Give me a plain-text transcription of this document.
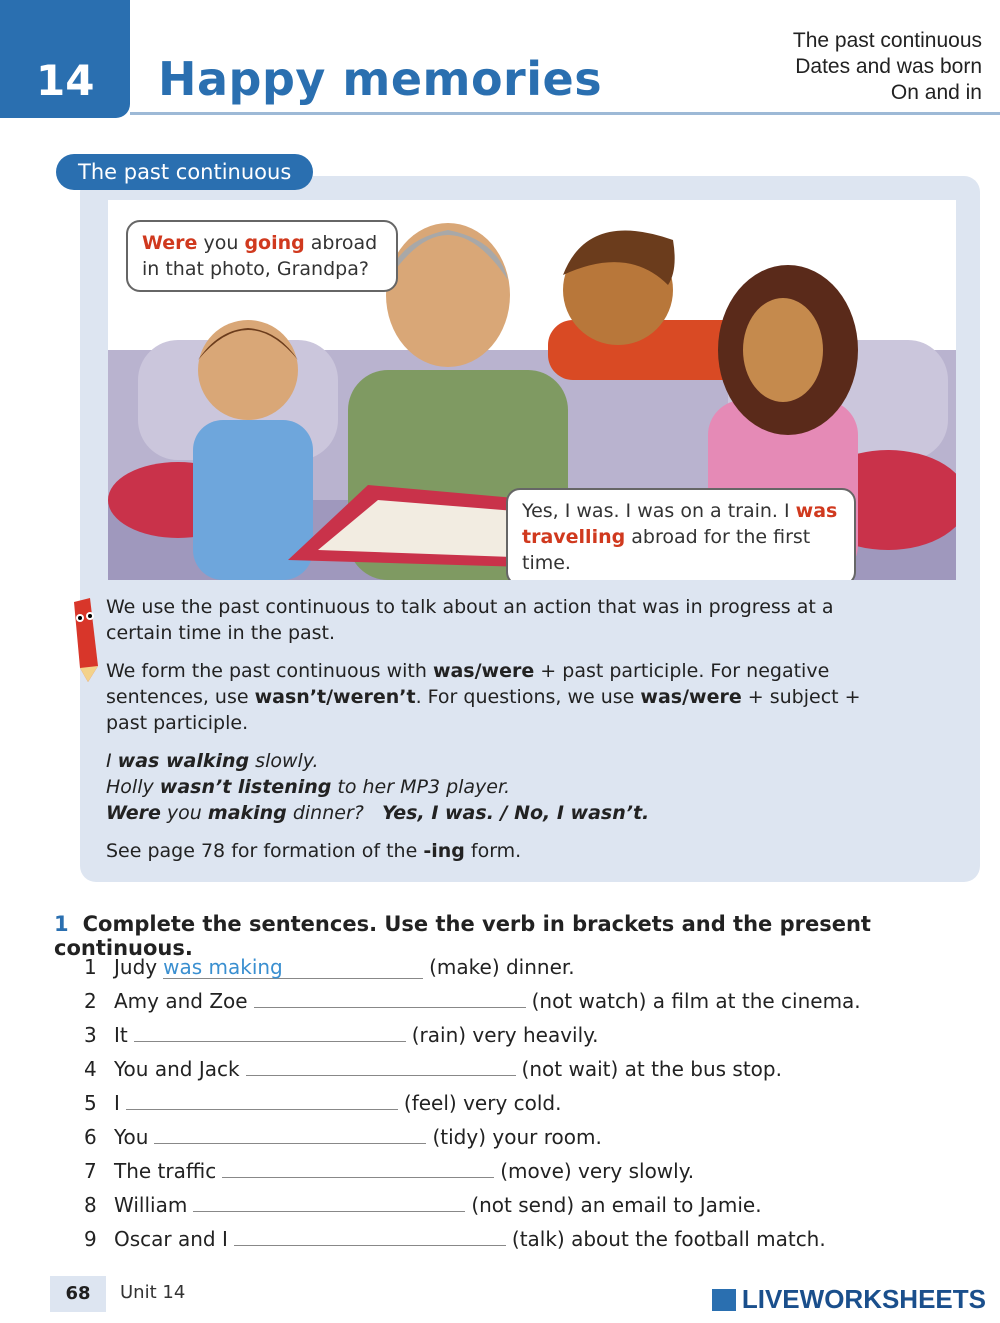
14 Happy memories
The past continuous
Dates and was born
On and in
The past continuous
Were you going abroad in that photo, Grandpa?
Yes, I was. I was on a train. I was travelling abroad for the first time.

We use the past continuous to talk about an action that was in progress at a certain time in the past.

We form the past continuous with was/were + past participle. For negative sentences, use wasn’t/weren’t. For questions, we use was/were + subject + past participle.

I was walking slowly.

Holly wasn’t listening to her MP3 player.

Were you making dinner? Yes, I was. / No, I wasn’t.

See page 78 for formation of the -ing form.

1 Complete the sentences. Use the verb in brackets and the present continuous.
1 Judy was making	(make) dinner.
2 Amy and Zoe	(not watch) a film at the cinema.
3 It	(rain) very heavily.
4 You and Jack	(not wait) at the bus stop.
5 I	(feel) very cold.
6 You	(tidy) your room.
7 The traffic	(move) very slowly.
8 William	(not send) an email to Jamie.
9 Oscar and I	(talk) about the football match.
68	Unit 14	LIVEWORKSHEETS
